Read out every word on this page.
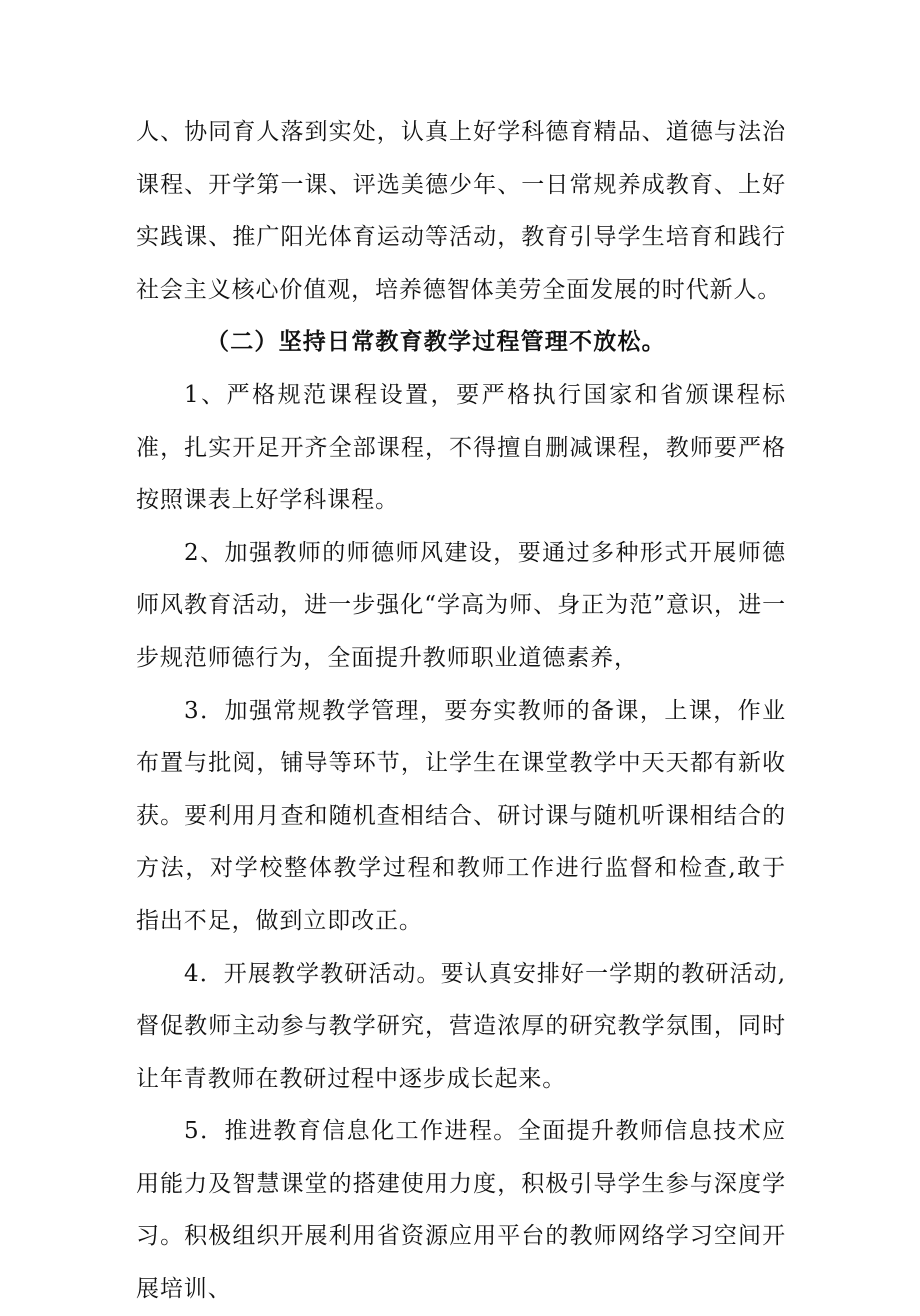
人、协同育人落到实处，认真上好学科德育精品、道德与法治课程、开学第一课、评选美德少年、一日常规养成教育、上好实践课、推广阳光体育运动等活动，教育引导学生培育和践行社会主义核心价值观，培养德智体美劳全面发展的时代新人。

（二）坚持日常教育教学过程管理不放松。

1、严格规范课程设置，要严格执行国家和省颁课程标准，扎实开足开齐全部课程，不得擅自删减课程，教师要严格按照课表上好学科课程。

2、加强教师的师德师风建设，要通过多种形式开展师德师风教育活动，进一步强化“学高为师、身正为范”意识，进一步规范师德行为，全面提升教师职业道德素养，

3．加强常规教学管理，要夯实教师的备课，上课，作业布置与批阅，铺导等环节，让学生在课堂教学中天天都有新收获。要利用月查和随机查相结合、研讨课与随机听课相结合的方法，对学校整体教学过程和教师工作进行监督和检查,敢于指出不足，做到立即改正。

4．开展教学教研活动。要认真安排好一学期的教研活动,督促教师主动参与教学研究，营造浓厚的研究教学氛围，同时让年青教师在教研过程中逐步成长起来。

5．推进教育信息化工作进程。全面提升教师信息技术应用能力及智慧课堂的搭建使用力度，积极引导学生参与深度学习。积极组织开展利用省资源应用平台的教师网络学习空间开展培训、
